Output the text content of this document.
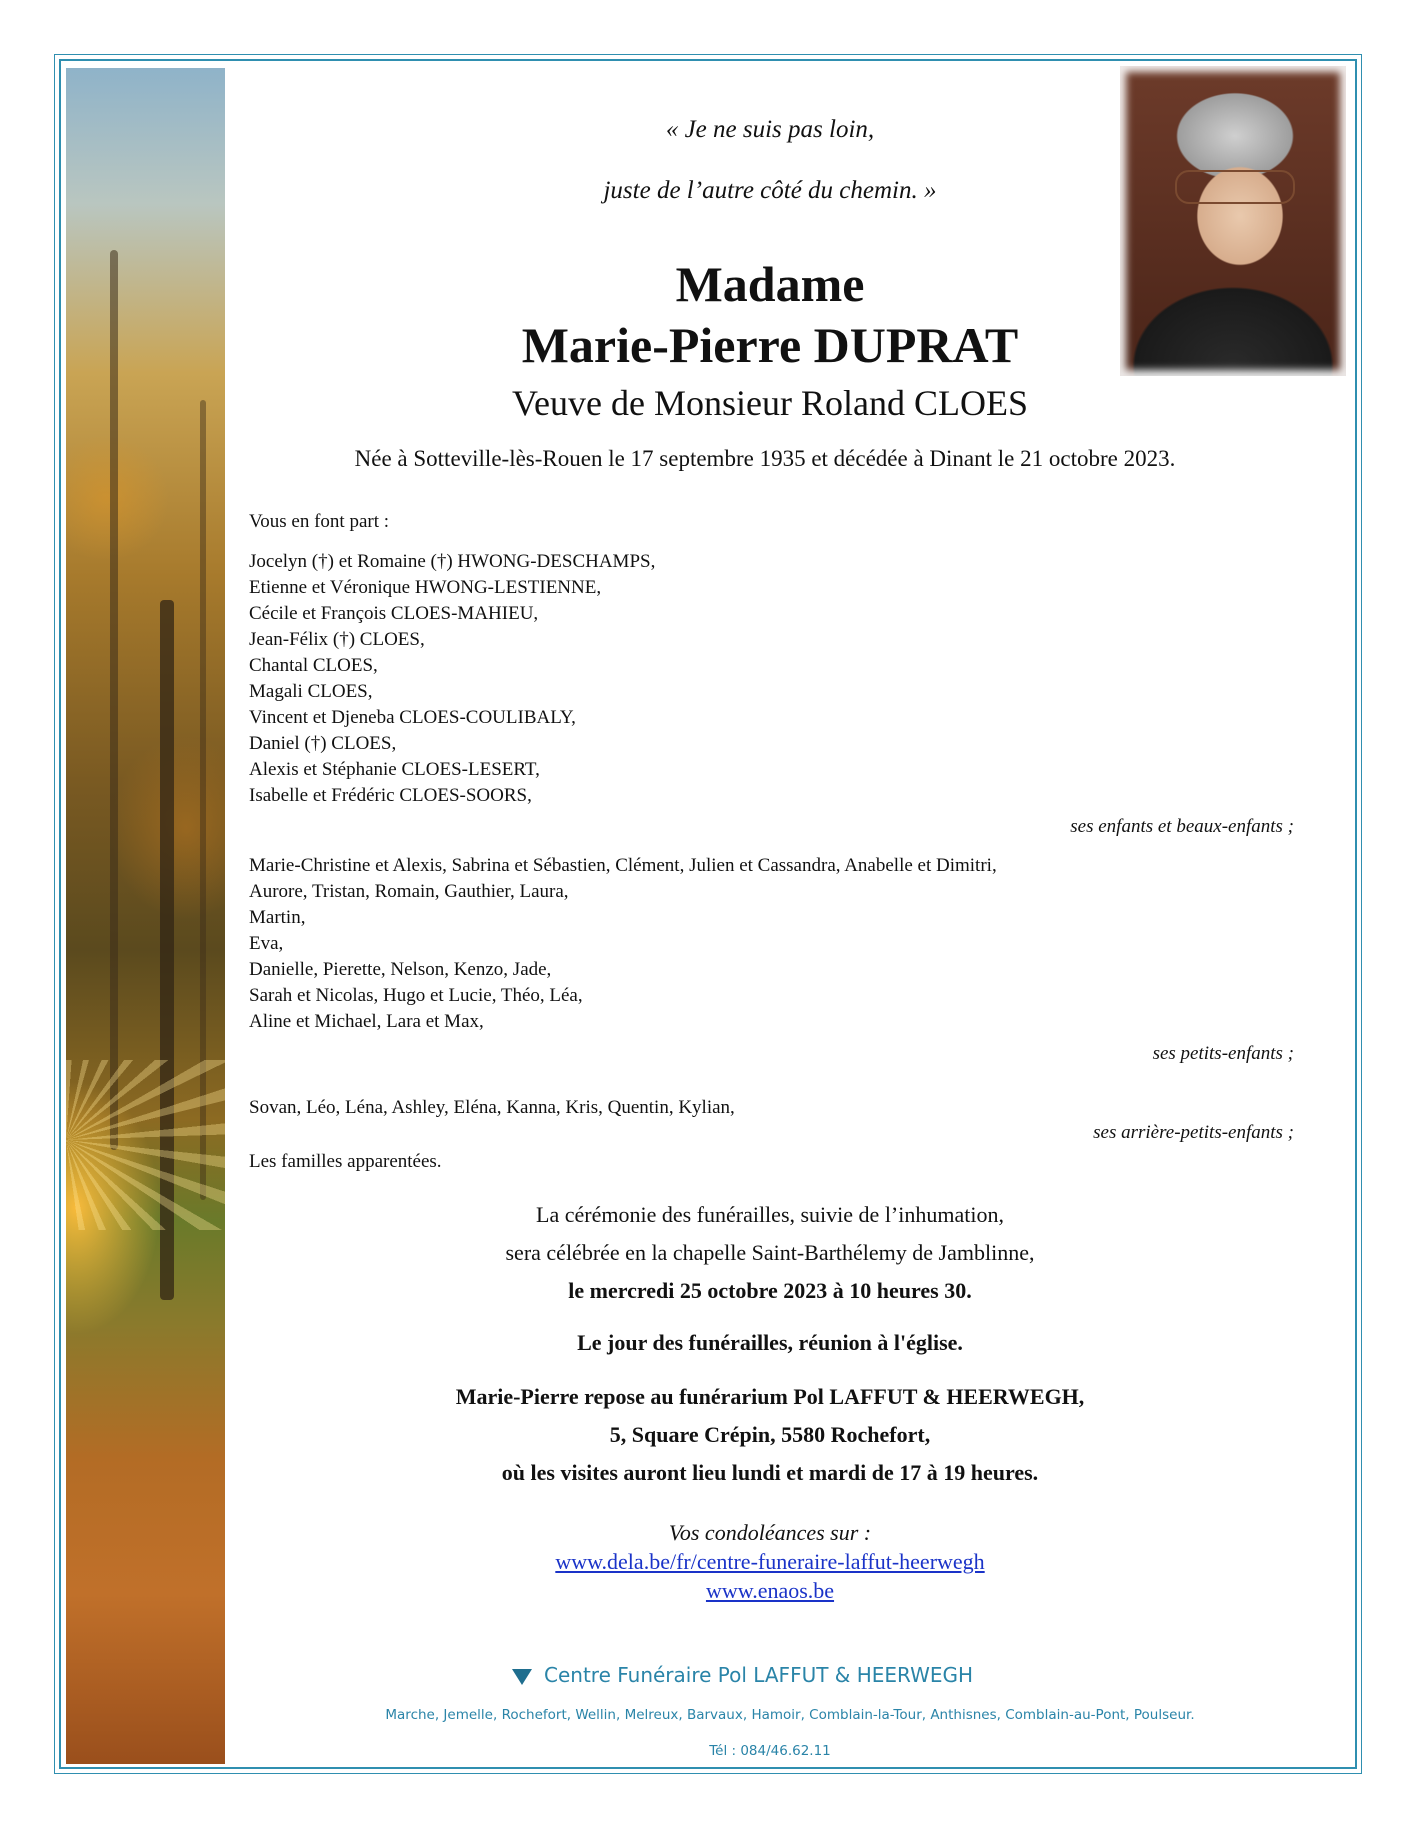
« Je ne suis pas loin,
juste de l’autre côté du chemin. »
Madame
Marie-Pierre DUPRAT
Veuve de Monsieur Roland CLOES
Née à Sotteville-lès-Rouen le 17 septembre 1935 et décédée à Dinant le 21 octobre 2023.
Vous en font part :
Jocelyn (†) et Romaine (†) HWONG-DESCHAMPS,
Etienne et Véronique HWONG-LESTIENNE,
Cécile et François CLOES-MAHIEU,
Jean-Félix (†) CLOES,
Chantal CLOES,
Magali CLOES,
Vincent et Djeneba CLOES-COULIBALY,
Daniel (†) CLOES,
Alexis et Stéphanie CLOES-LESERT,
Isabelle et Frédéric CLOES-SOORS,
ses enfants et beaux-enfants ;
Marie-Christine et Alexis, Sabrina et Sébastien, Clément, Julien et Cassandra, Anabelle et Dimitri,
Aurore, Tristan, Romain, Gauthier, Laura,
Martin,
Eva,
Danielle, Pierette, Nelson, Kenzo, Jade,
Sarah et Nicolas, Hugo et Lucie, Théo, Léa,
Aline et Michael, Lara et Max,
ses petits-enfants ;
Sovan, Léo, Léna, Ashley, Eléna, Kanna, Kris, Quentin, Kylian,
ses arrière-petits-enfants ;
Les familles apparentées.
La cérémonie des funérailles, suivie de l’inhumation,
sera célébrée en la chapelle Saint-Barthélemy de Jamblinne,
le mercredi 25 octobre 2023 à 10 heures 30.
Le jour des funérailles, réunion à l'église.
Marie-Pierre repose au funérarium Pol LAFFUT & HEERWEGH,
5, Square Crépin, 5580 Rochefort,
où les visites auront lieu lundi et mardi de 17 à 19 heures.
Vos condoléances sur :
www.dela.be/fr/centre-funeraire-laffut-heerwegh
www.enaos.be
Centre Funéraire Pol LAFFUT & HEERWEGH
Marche, Jemelle, Rochefort, Wellin, Melreux, Barvaux, Hamoir, Comblain-la-Tour, Anthisnes, Comblain-au-Pont, Poulseur.
Tél : 084/46.62.11
